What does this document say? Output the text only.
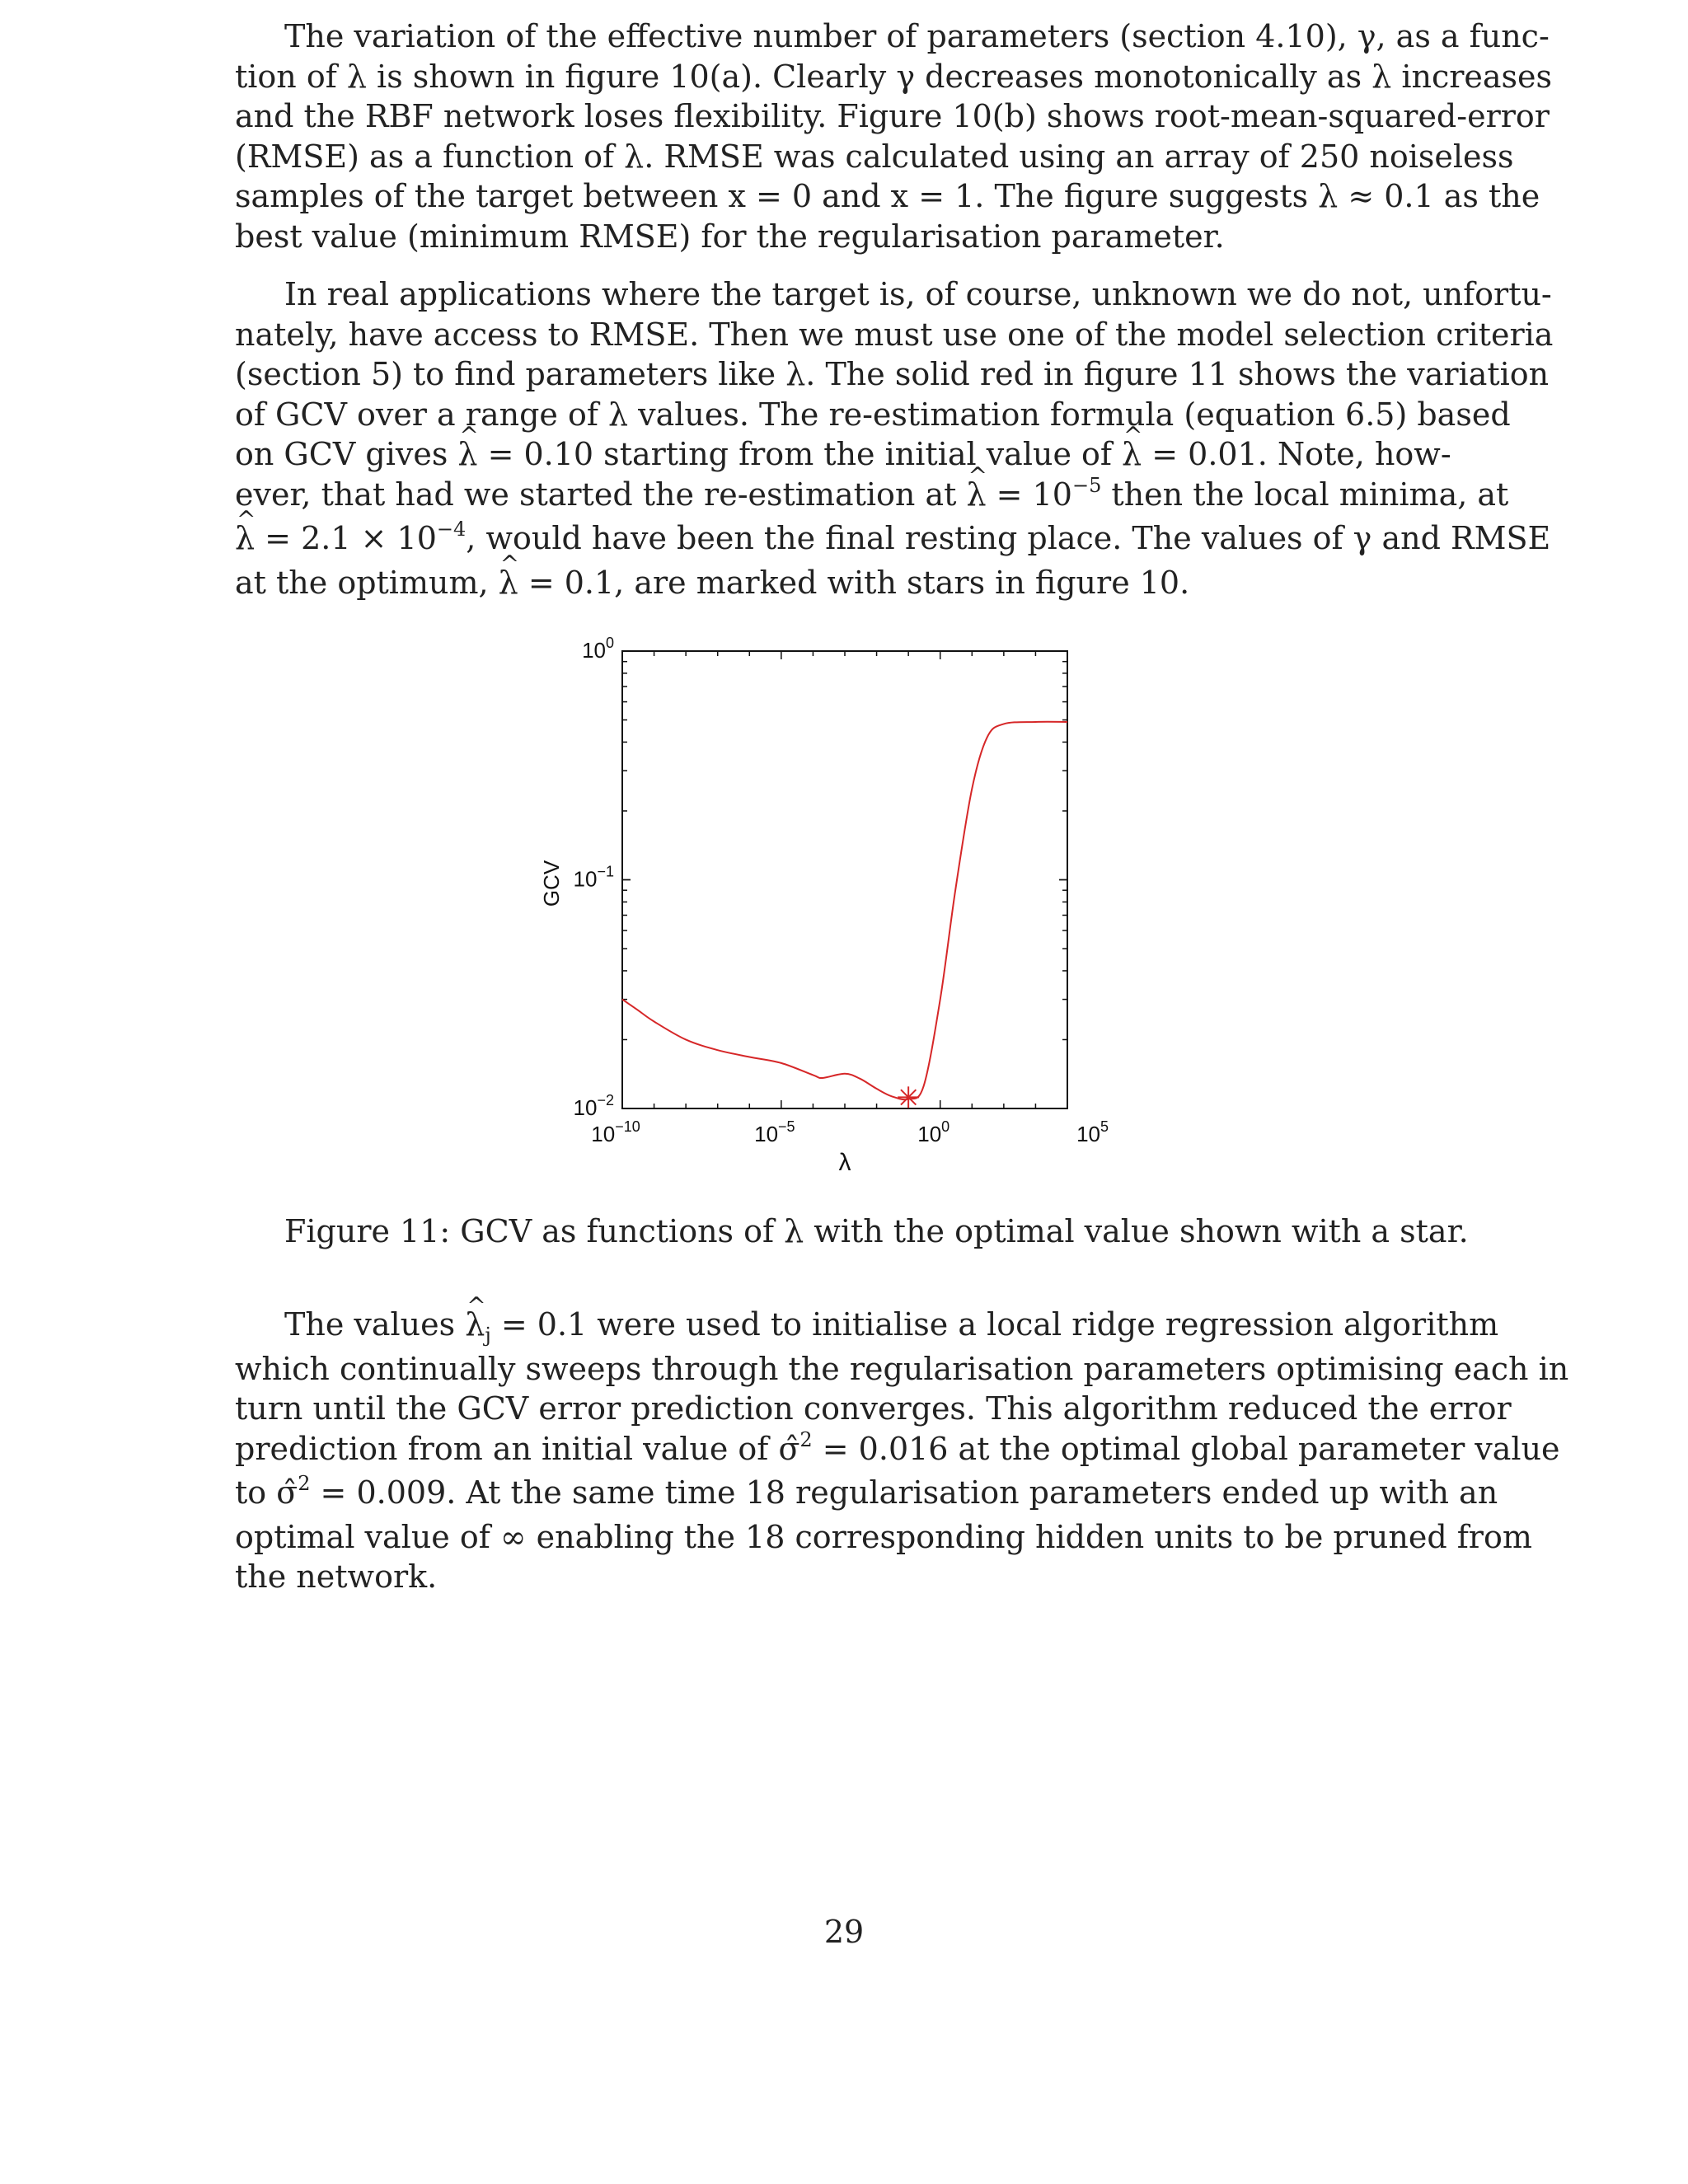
The variation of the effective number of parameters (section 4.10), γ, as a func-
tion of λ is shown in figure 10(a). Clearly γ decreases monotonically as λ increases
and the RBF network loses flexibility. Figure 10(b) shows root-mean-squared-error
(RMSE) as a function of λ. RMSE was calculated using an array of 250 noiseless
samples of the target between x = 0 and x = 1. The figure suggests λ ≈ 0.1 as the
best value (minimum RMSE) for the regularisation parameter.
In real applications where the target is, of course, unknown we do not, unfortu-
nately, have access to RMSE. Then we must use one of the model selection criteria
(section 5) to find parameters like λ. The solid red in figure 11 shows the variation
of GCV over a range of λ values. The re-estimation formula (equation 6.5) based
on GCV gives ^ λ = 0.10 starting from the initial value of ^ λ = 0.01. Note, how-
ever, that had we started the re-estimation at ^ $\lambda = 10^{-5}$ then the local minima, at
^ $\lambda = 2.1 \times 10^{-4}$, would have been the final resting place. The values of γ and RMSE
at the optimum, ^ λ = 0.1, are marked with stars in figure 10.
$10^{-10}$	$10^{-5}$	$10^0$	$10^5$
$10^0$
$10^{-1}$
$10^{-2}$
λ
GCV

Figure 11: GCV as functions of λ with the optimal value shown with a star.

The values ^ $\lambda_j = 0.1$ were used to initialise a local ridge regression algorithm
which continually sweeps through the regularisation parameters optimising each in
turn until the GCV error prediction converges. This algorithm reduced the error
prediction from an initial value of σ̂$^2$ = 0.016 at the optimal global parameter value
to σ̂$^2$ = 0.009. At the same time 18 regularisation parameters ended up with an
optimal value of ∞ enabling the 18 corresponding hidden units to be pruned from
the network.
29
